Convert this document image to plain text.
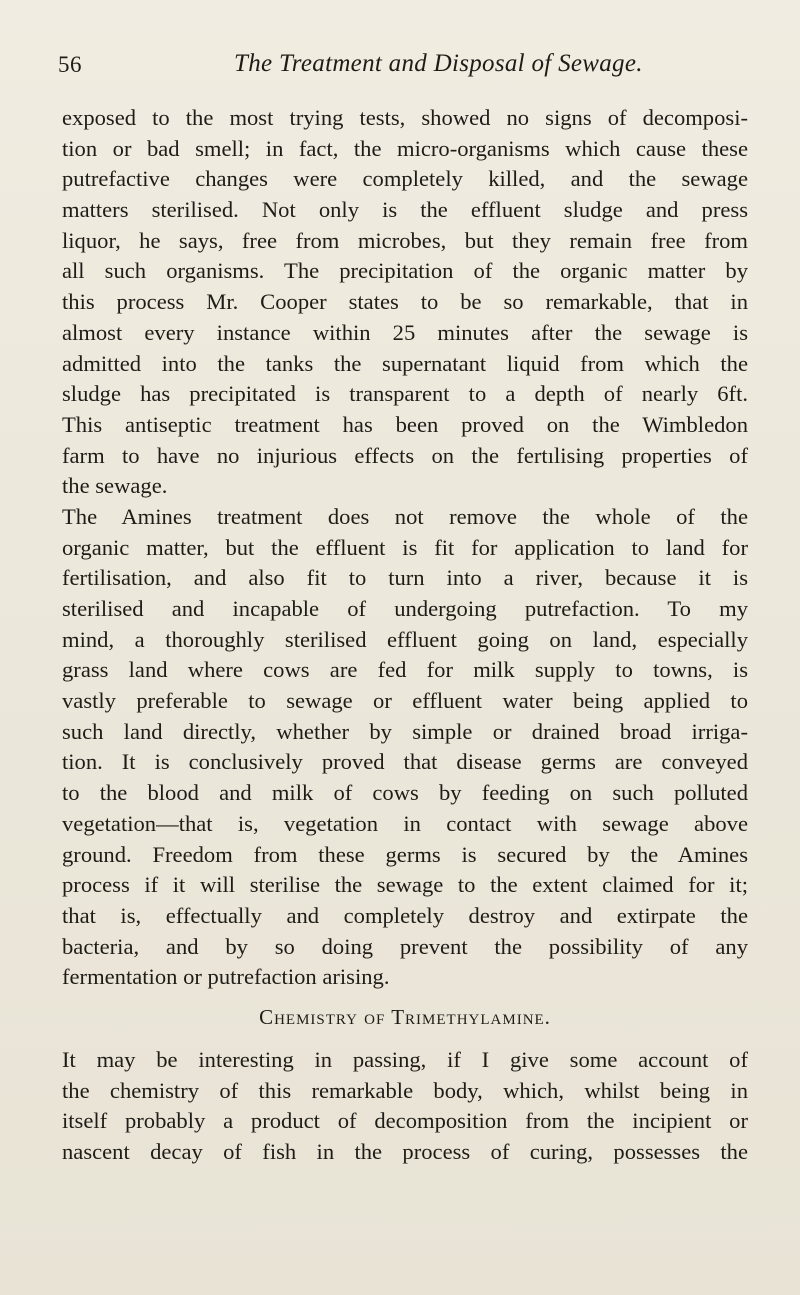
56	The Treatment and Disposal of Sewage.
exposed to the most trying tests, showed no signs of decomposi-
tion or bad smell; in fact, the micro-organisms which cause these
putrefactive changes were completely killed, and the sewage
matters sterilised. Not only is the effluent sludge and press
liquor, he says, free from microbes, but they remain free from
all such organisms. The precipitation of the organic matter by
this process Mr. Cooper states to be so remarkable, that in
almost every instance within 25 minutes after the sewage is
admitted into the tanks the supernatant liquid from which the
sludge has precipitated is transparent to a depth of nearly 6ft.
This antiseptic treatment has been proved on the Wimbledon
farm to have no injurious effects on the fertılising properties of
the sewage.
The Amines treatment does not remove the whole of the
organic matter, but the effluent is fit for application to land for
fertilisation, and also fit to turn into a river, because it is
sterilised and incapable of undergoing putrefaction. To my
mind, a thoroughly sterilised effluent going on land, especially
grass land where cows are fed for milk supply to towns, is
vastly preferable to sewage or effluent water being applied to
such land directly, whether by simple or drained broad irriga-
tion. It is conclusively proved that disease germs are conveyed
to the blood and milk of cows by feeding on such polluted
vegetation—that is, vegetation in contact with sewage above
ground. Freedom from these germs is secured by the Amines
process if it will sterilise the sewage to the extent claimed for it;
that is, effectually and completely destroy and extirpate the
bacteria, and by so doing prevent the possibility of any
fermentation or putrefaction arising.
Chemistry of Trimethylamine.
It may be interesting in passing, if I give some account of
the chemistry of this remarkable body, which, whilst being in
itself probably a product of decomposition from the incipient or
nascent decay of fish in the process of curing, possesses the
